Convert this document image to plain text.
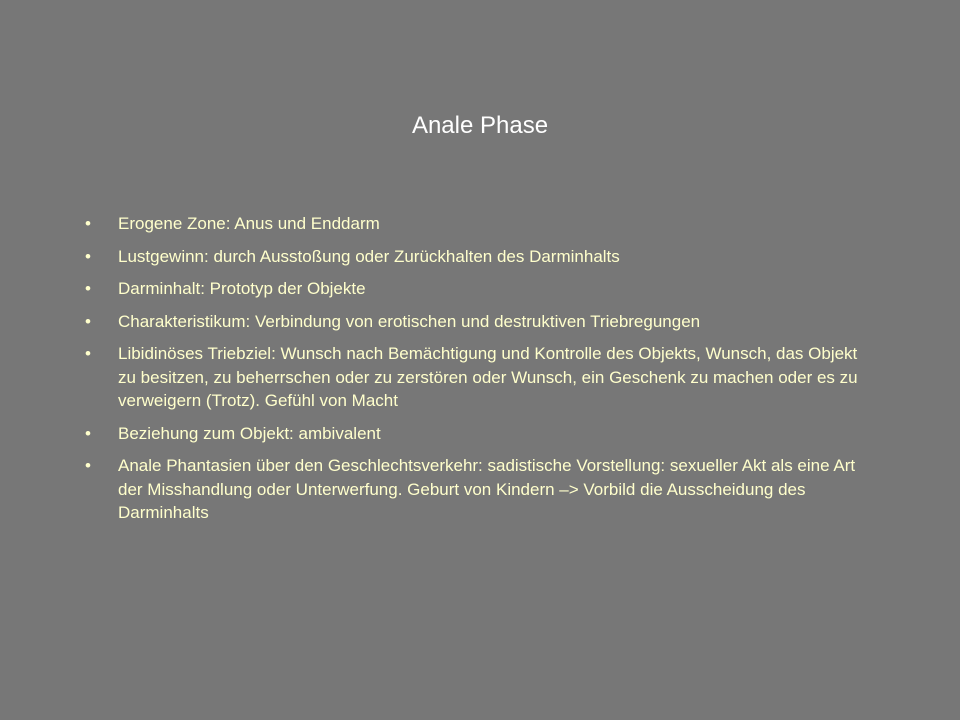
Anale Phase
•	Erogene Zone: Anus und Enddarm
•	Lustgewinn: durch Ausstoßung oder Zurückhalten des Darminhalts
•	Darminhalt: Prototyp der Objekte
•	Charakteristikum: Verbindung von erotischen und destruktiven Triebregungen
•	Libidinöses Triebziel: Wunsch nach Bemächtigung und Kontrolle des Objekts, Wunsch, das Objekt zu besitzen, zu beherrschen oder zu zerstören oder Wunsch, ein Geschenk zu machen oder es zu verweigern (Trotz). Gefühl von Macht
•	Beziehung zum Objekt: ambivalent
•	Anale Phantasien über den Geschlechtsverkehr: sadistische Vorstellung: sexueller Akt als eine Art der Misshandlung oder Unterwerfung. Geburt von Kindern –> Vorbild die Ausscheidung des Darminhalts
